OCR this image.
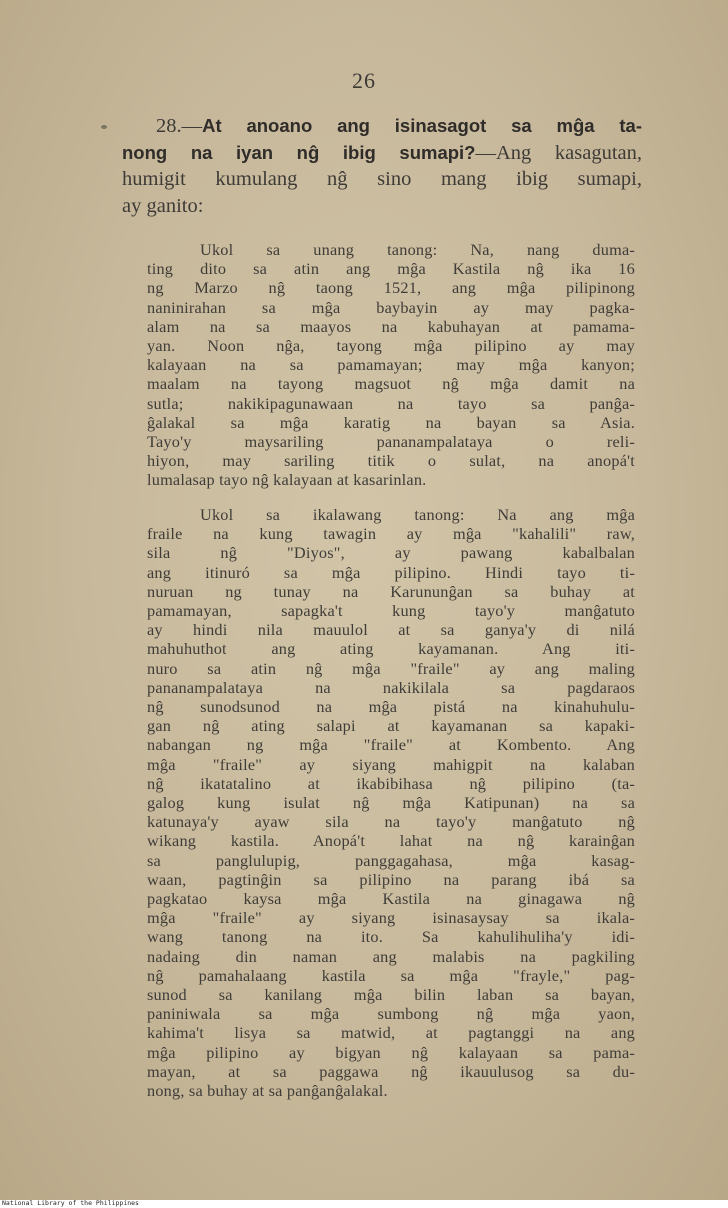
26
28.—At anoano ang isinasagot sa mĝa ta-
nong na iyan nĝ ibig sumapi?—Ang kasagutan,
humigit kumulang nĝ sino mang ibig sumapi,
ay ganito:
Ukol sa unang tanong: Na, nang duma-
ting dito sa atin ang mĝa Kastila nĝ ika 16
ng Marzo nĝ taong 1521, ang mĝa pilipinong
naninirahan sa mĝa baybayin ay may pagka-
alam na sa maayos na kabuhayan at pamama-
yan. Noon nĝa, tayong mĝa pilipino ay may
kalayaan na sa pamamayan; may mĝa kanyon;
maalam na tayong magsuot nĝ mĝa damit na
sutla; nakikipagunawaan na tayo sa panĝa-
ĝalakal sa mĝa karatig na bayan sa Asia.
Tayo'y maysariling pananampalataya o reli-
hiyon, may sariling titik o sulat, na anopá't
lumalasap tayo nĝ kalayaan at kasarinlan.
Ukol sa ikalawang tanong: Na ang mĝa
fraile na kung tawagin ay mĝa "kahalili" raw,
sila nĝ "Diyos", ay pawang kabalbalan
ang itinuró sa mĝa pilipino. Hindi tayo ti-
nuruan ng tunay na Karununĝan sa buhay at
pamamayan, sapagka't kung tayo'y manĝatuto
ay hindi nila mauulol at sa ganya'y di nilá
mahuhuthot ang ating kayamanan. Ang iti-
nuro sa atin nĝ mĝa "fraile" ay ang maling
pananampalataya na nakikilala sa pagdaraos
nĝ sunodsunod na mĝa pistá na kinahuhulu-
gan nĝ ating salapi at kayamanan sa kapaki-
nabangan ng mĝa "fraile" at Kombento. Ang
mĝa "fraile" ay siyang mahigpit na kalaban
nĝ ikatatalino at ikabibihasa nĝ pilipino (ta-
galog kung isulat nĝ mĝa Katipunan) na sa
katunaya'y ayaw sila na tayo'y manĝatuto nĝ
wikang kastila. Anopá't lahat na nĝ karainĝan
sa panglulupig, panggagahasa, mĝa kasag-
waan, pagtinĝin sa pilipino na parang ibá sa
pagkatao kaysa mĝa Kastila na ginagawa nĝ
mĝa "fraile" ay siyang isinasaysay sa ikala-
wang tanong na ito. Sa kahulihuliha'y idi-
nadaing din naman ang malabis na pagkiling
nĝ pamahalaang kastila sa mĝa "frayle," pag-
sunod sa kanilang mĝa bilin laban sa bayan,
paniniwala sa mĝa sumbong nĝ mĝa yaon,
kahima't lisya sa matwid, at pagtanggi na ang
mĝa pilipino ay bigyan nĝ kalayaan sa pama-
mayan, at sa paggawa nĝ ikauulusog sa du-
nong, sa buhay at sa panĝanĝalakal.
National Library of the Philippines
